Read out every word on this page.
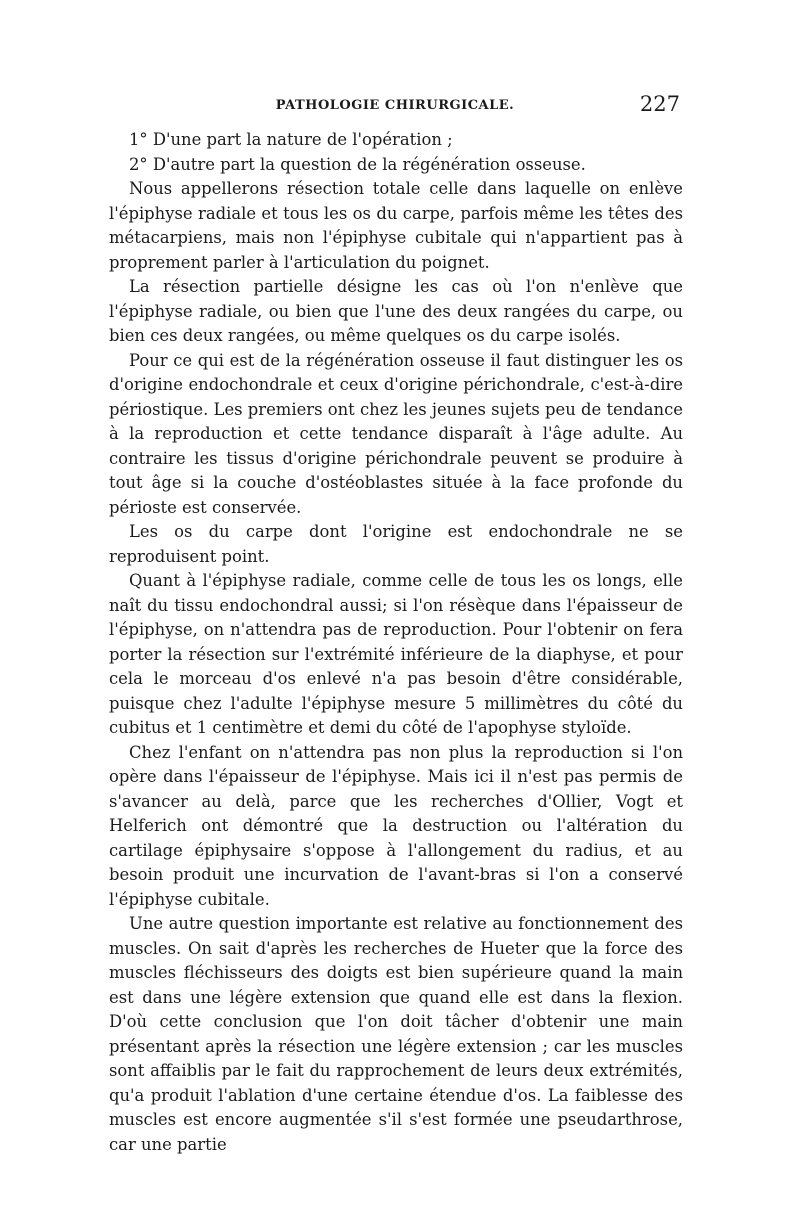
PATHOLOGIE CHIRURGICALE.	227

1° D'une part la nature de l'opération ;

2° D'autre part la question de la régénération osseuse.

Nous appellerons résection totale celle dans laquelle on enlève l'épiphyse radiale et tous les os du carpe, parfois même les têtes des métacarpiens, mais non l'épiphyse cubitale qui n'appartient pas à proprement parler à l'articulation du poignet.

La résection partielle désigne les cas où l'on n'enlève que l'épiphyse radiale, ou bien que l'une des deux rangées du carpe, ou bien ces deux rangées, ou même quelques os du carpe isolés.

Pour ce qui est de la régénération osseuse il faut distinguer les os d'origine endochondrale et ceux d'origine périchondrale, c'est-à-dire périostique. Les premiers ont chez les jeunes sujets peu de tendance à la reproduction et cette tendance disparaît à l'âge adulte. Au contraire les tissus d'origine périchondrale peuvent se produire à tout âge si la couche d'ostéoblastes située à la face profonde du périoste est conservée.

Les os du carpe dont l'origine est endochondrale ne se reproduisent point.

Quant à l'épiphyse radiale, comme celle de tous les os longs, elle naît du tissu endochondral aussi; si l'on résèque dans l'épaisseur de l'épiphyse, on n'attendra pas de reproduction. Pour l'obtenir on fera porter la résection sur l'extrémité inférieure de la diaphyse, et pour cela le morceau d'os enlevé n'a pas besoin d'être considérable, puisque chez l'adulte l'épiphyse mesure 5 millimètres du côté du cubitus et 1 centimètre et demi du côté de l'apophyse styloïde.

Chez l'enfant on n'attendra pas non plus la reproduction si l'on opère dans l'épaisseur de l'épiphyse. Mais ici il n'est pas permis de s'avancer au delà, parce que les recherches d'Ollier, Vogt et Helferich ont démontré que la destruction ou l'altération du cartilage épiphysaire s'oppose à l'allongement du radius, et au besoin produit une incurvation de l'avant-bras si l'on a conservé l'épiphyse cubitale.

Une autre question importante est relative au fonctionnement des muscles. On sait d'après les recherches de Hueter que la force des muscles fléchisseurs des doigts est bien supérieure quand la main est dans une légère extension que quand elle est dans la flexion. D'où cette conclusion que l'on doit tâcher d'obtenir une main présentant après la résection une légère extension ; car les muscles sont affaiblis par le fait du rapprochement de leurs deux extrémités, qu'a produit l'ablation d'une certaine étendue d'os. La faiblesse des muscles est encore augmentée s'il s'est formée une pseudarthrose, car une partie
